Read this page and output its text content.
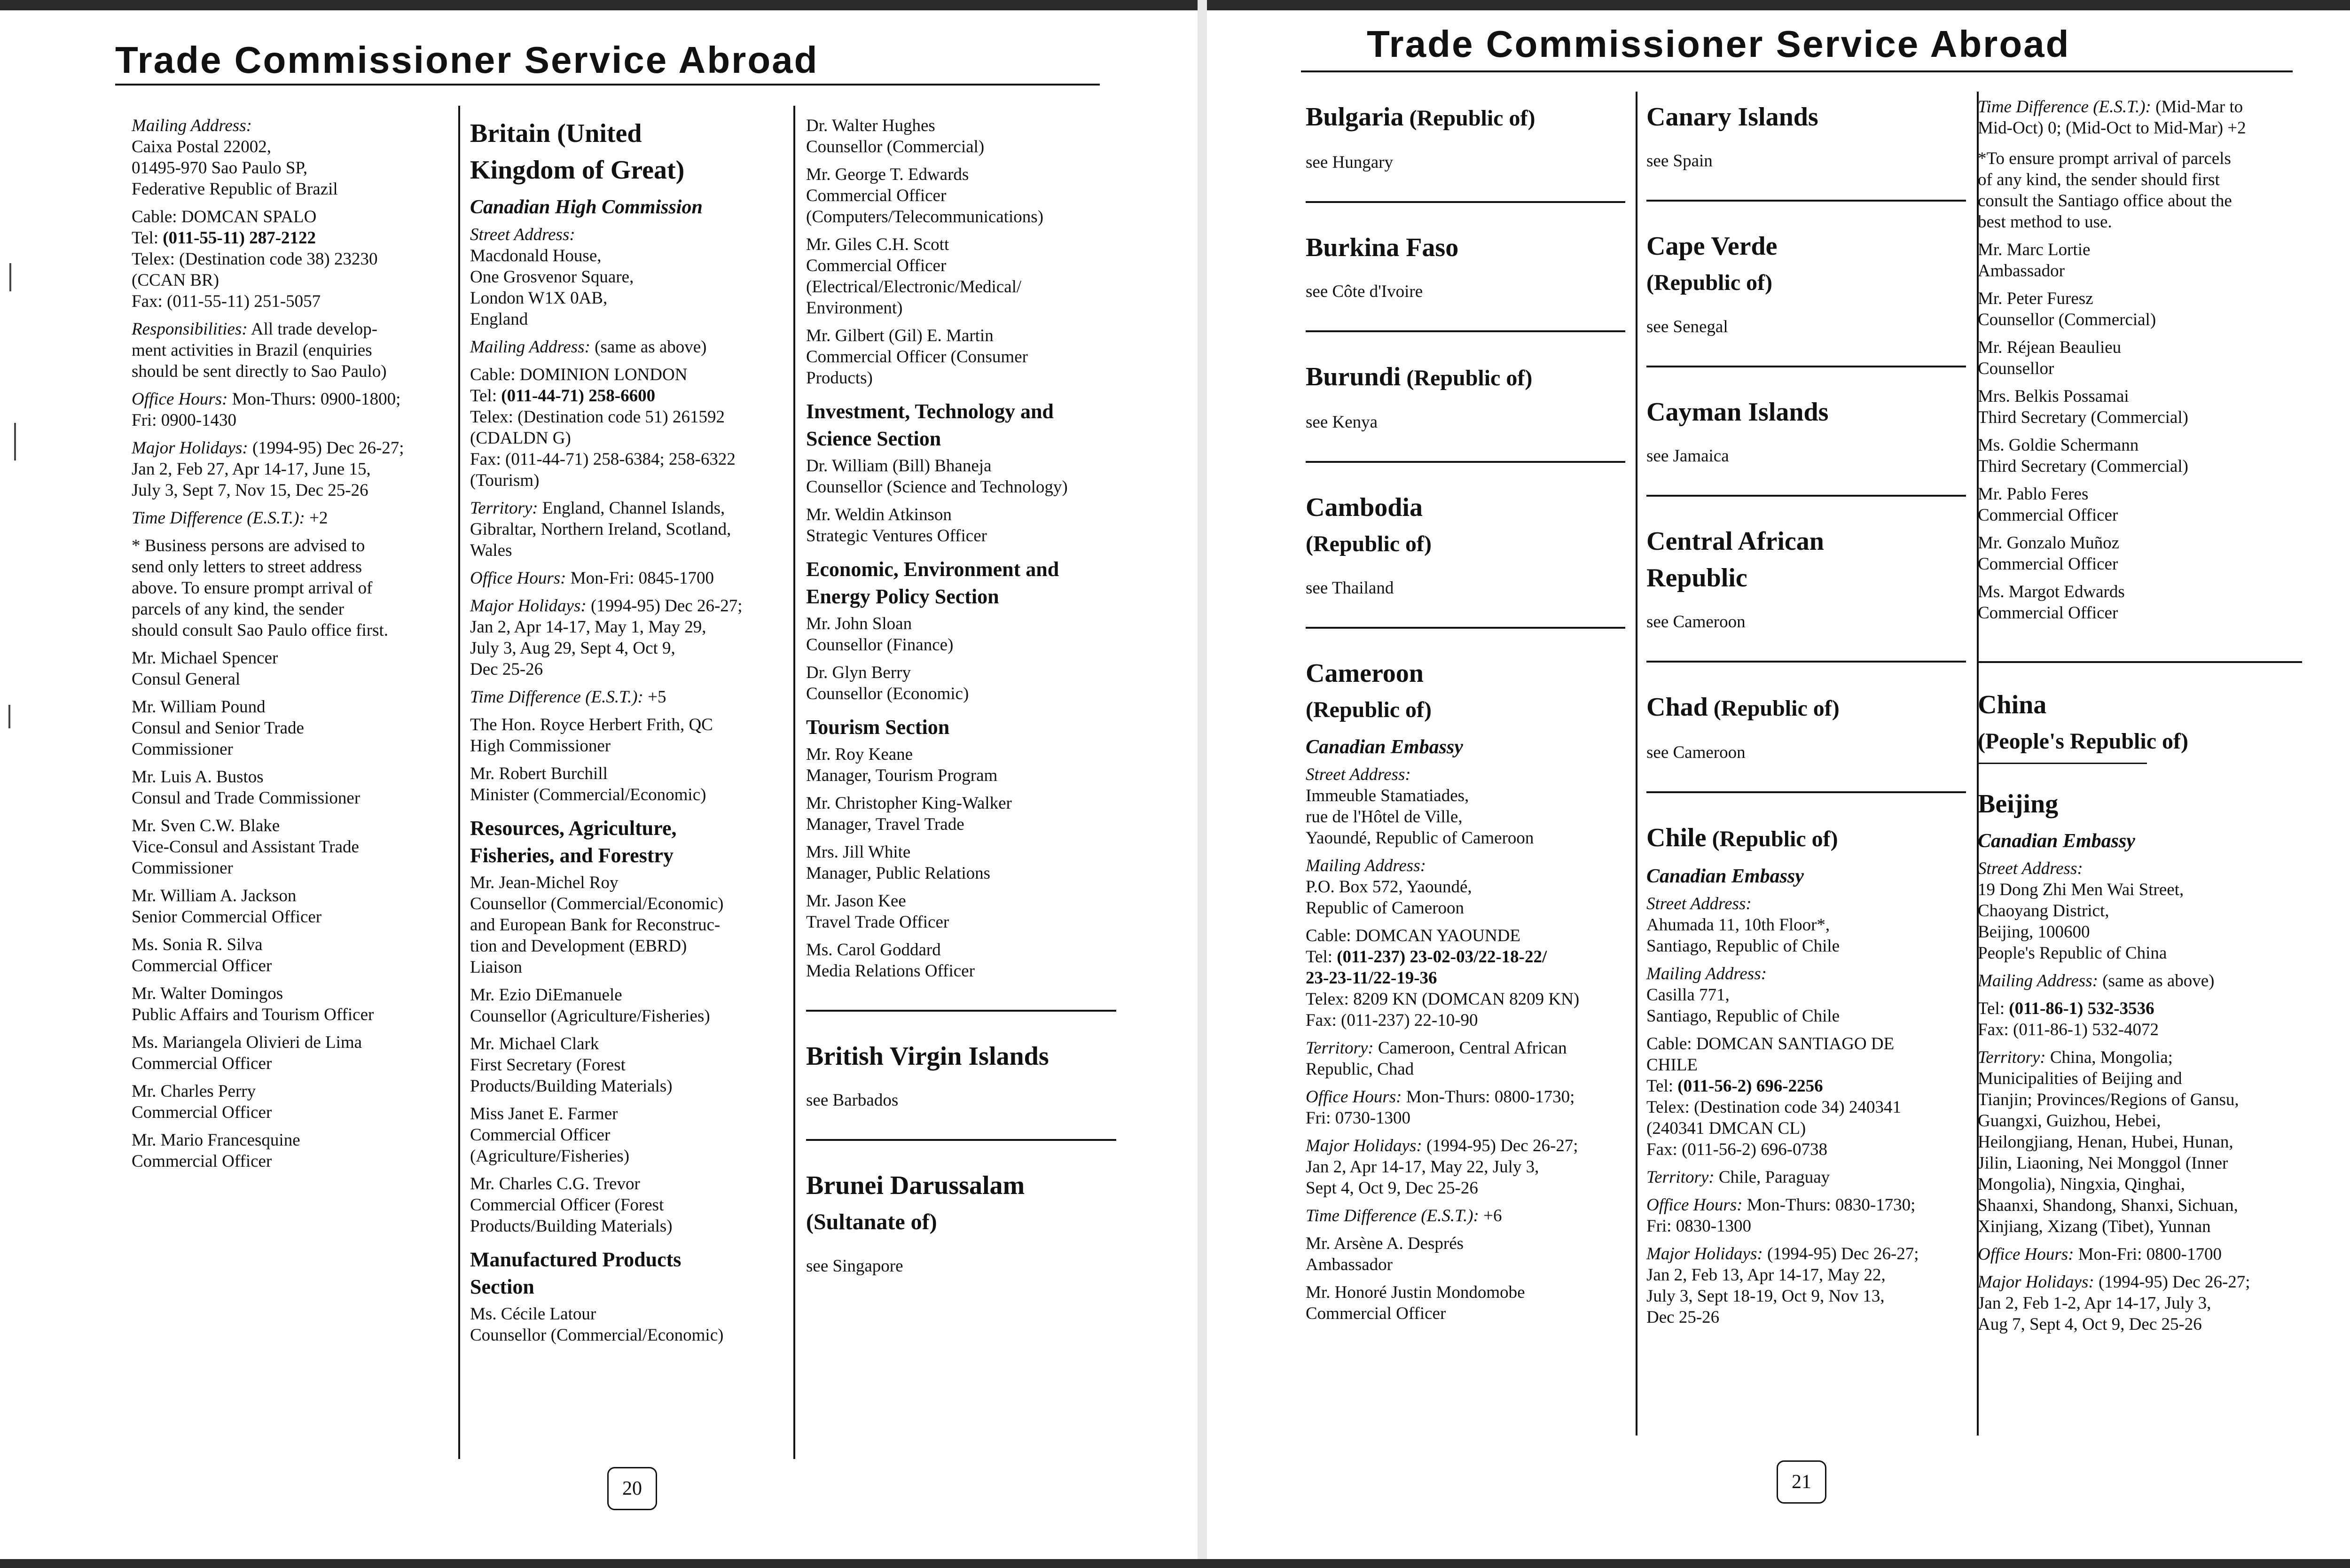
Trade Commissioner Service Abroad
Mailing Address:
Caixa Postal 22002,
01495-970 Sao Paulo SP,
Federative Republic of Brazil
Cable: DOMCAN SPALO
Tel: (011-55-11) 287-2122
Telex: (Destination code 38) 23230
(CCAN BR)
Fax: (011-55-11) 251-5057
Responsibilities: All trade develop-
ment activities in Brazil (enquiries
should be sent directly to Sao Paulo)
Office Hours: Mon-Thurs: 0900-1800;
Fri: 0900-1430
Major Holidays: (1994-95) Dec 26-27;
Jan 2, Feb 27, Apr 14-17, June 15,
July 3, Sept 7, Nov 15, Dec 25-26
Time Difference (E.S.T.): +2
* Business persons are advised to
send only letters to street address
above. To ensure prompt arrival of
parcels of any kind, the sender
should consult Sao Paulo office first.
Mr. Michael Spencer
Consul General
Mr. William Pound
Consul and Senior Trade
Commissioner
Mr. Luis A. Bustos
Consul and Trade Commissioner
Mr. Sven C.W. Blake
Vice-Consul and Assistant Trade
Commissioner
Mr. William A. Jackson
Senior Commercial Officer
Ms. Sonia R. Silva
Commercial Officer
Mr. Walter Domingos
Public Affairs and Tourism Officer
Ms. Mariangela Olivieri de Lima
Commercial Officer
Mr. Charles Perry
Commercial Officer
Mr. Mario Francesquine
Commercial Officer
Britain (United
Kingdom of Great)
Canadian High Commission
Street Address:
Macdonald House,
One Grosvenor Square,
London W1X 0AB,
England
Mailing Address: (same as above)
Cable: DOMINION LONDON
Tel: (011-44-71) 258-6600
Telex: (Destination code 51) 261592
(CDALDN G)
Fax: (011-44-71) 258-6384; 258-6322
(Tourism)
Territory: England, Channel Islands,
Gibraltar, Northern Ireland, Scotland,
Wales
Office Hours: Mon-Fri: 0845-1700
Major Holidays: (1994-95) Dec 26-27;
Jan 2, Apr 14-17, May 1, May 29,
July 3, Aug 29, Sept 4, Oct 9,
Dec 25-26
Time Difference (E.S.T.): +5
The Hon. Royce Herbert Frith, QC
High Commissioner
Mr. Robert Burchill
Minister (Commercial/Economic)
Resources, Agriculture,
Fisheries, and Forestry
Mr. Jean-Michel Roy
Counsellor (Commercial/Economic)
and European Bank for Reconstruc-
tion and Development (EBRD)
Liaison
Mr. Ezio DiEmanuele
Counsellor (Agriculture/Fisheries)
Mr. Michael Clark
First Secretary (Forest
Products/Building Materials)
Miss Janet E. Farmer
Commercial Officer
(Agriculture/Fisheries)
Mr. Charles C.G. Trevor
Commercial Officer (Forest
Products/Building Materials)
Manufactured Products
Section
Ms. Cécile Latour
Counsellor (Commercial/Economic)
Dr. Walter Hughes
Counsellor (Commercial)
Mr. George T. Edwards
Commercial Officer
(Computers/Telecommunications)
Mr. Giles C.H. Scott
Commercial Officer
(Electrical/Electronic/Medical/
Environment)
Mr. Gilbert (Gil) E. Martin
Commercial Officer (Consumer
Products)
Investment, Technology and
Science Section
Dr. William (Bill) Bhaneja
Counsellor (Science and Technology)
Mr. Weldin Atkinson
Strategic Ventures Officer
Economic, Environment and
Energy Policy Section
Mr. John Sloan
Counsellor (Finance)
Dr. Glyn Berry
Counsellor (Economic)
Tourism Section
Mr. Roy Keane
Manager, Tourism Program
Mr. Christopher King-Walker
Manager, Travel Trade
Mrs. Jill White
Manager, Public Relations
Mr. Jason Kee
Travel Trade Officer
Ms. Carol Goddard
Media Relations Officer
British Virgin Islands
see Barbados
Brunei Darussalam
(Sultanate of)
see Singapore
20
Trade Commissioner Service Abroad
Bulgaria (Republic of)
see Hungary
Burkina Faso
see Côte d'Ivoire
Burundi (Republic of)
see Kenya
Cambodia
(Republic of)
see Thailand
Cameroon
(Republic of)
Canadian Embassy
Street Address:
Immeuble Stamatiades,
rue de l'Hôtel de Ville,
Yaoundé, Republic of Cameroon
Mailing Address:
P.O. Box 572, Yaoundé,
Republic of Cameroon
Cable: DOMCAN YAOUNDE
Tel: (011-237) 23-02-03/22-18-22/
23-23-11/22-19-36
Telex: 8209 KN (DOMCAN 8209 KN)
Fax: (011-237) 22-10-90
Territory: Cameroon, Central African
Republic, Chad
Office Hours: Mon-Thurs: 0800-1730;
Fri: 0730-1300
Major Holidays: (1994-95) Dec 26-27;
Jan 2, Apr 14-17, May 22, July 3,
Sept 4, Oct 9, Dec 25-26
Time Difference (E.S.T.): +6
Mr. Arsène A. Després
Ambassador
Mr. Honoré Justin Mondomobe
Commercial Officer
Canary Islands
see Spain
Cape Verde
(Republic of)
see Senegal
Cayman Islands
see Jamaica
Central African
Republic
see Cameroon
Chad (Republic of)
see Cameroon
Chile (Republic of)
Canadian Embassy
Street Address:
Ahumada 11, 10th Floor*,
Santiago, Republic of Chile
Mailing Address:
Casilla 771,
Santiago, Republic of Chile
Cable: DOMCAN SANTIAGO DE
CHILE
Tel: (011-56-2) 696-2256
Telex: (Destination code 34) 240341
(240341 DMCAN CL)
Fax: (011-56-2) 696-0738
Territory: Chile, Paraguay
Office Hours: Mon-Thurs: 0830-1730;
Fri: 0830-1300
Major Holidays: (1994-95) Dec 26-27;
Jan 2, Feb 13, Apr 14-17, May 22,
July 3, Sept 18-19, Oct 9, Nov 13,
Dec 25-26
Time Difference (E.S.T.): (Mid-Mar to
Mid-Oct) 0; (Mid-Oct to Mid-Mar) +2
*To ensure prompt arrival of parcels
of any kind, the sender should first
consult the Santiago office about the
best method to use.
Mr. Marc Lortie
Ambassador
Mr. Peter Furesz
Counsellor (Commercial)
Mr. Réjean Beaulieu
Counsellor
Mrs. Belkis Possamai
Third Secretary (Commercial)
Ms. Goldie Schermann
Third Secretary (Commercial)
Mr. Pablo Feres
Commercial Officer
Mr. Gonzalo Muñoz
Commercial Officer
Ms. Margot Edwards
Commercial Officer
China
(People's Republic of)
Beijing
Canadian Embassy
Street Address:
19 Dong Zhi Men Wai Street,
Chaoyang District,
Beijing, 100600
People's Republic of China
Mailing Address: (same as above)
Tel: (011-86-1) 532-3536
Fax: (011-86-1) 532-4072
Territory: China, Mongolia;
Municipalities of Beijing and
Tianjin; Provinces/Regions of Gansu,
Guangxi, Guizhou, Hebei,
Heilongjiang, Henan, Hubei, Hunan,
Jilin, Liaoning, Nei Monggol (Inner
Mongolia), Ningxia, Qinghai,
Shaanxi, Shandong, Shanxi, Sichuan,
Xinjiang, Xizang (Tibet), Yunnan
Office Hours: Mon-Fri: 0800-1700
Major Holidays: (1994-95) Dec 26-27;
Jan 2, Feb 1-2, Apr 14-17, July 3,
Aug 7, Sept 4, Oct 9, Dec 25-26
21
